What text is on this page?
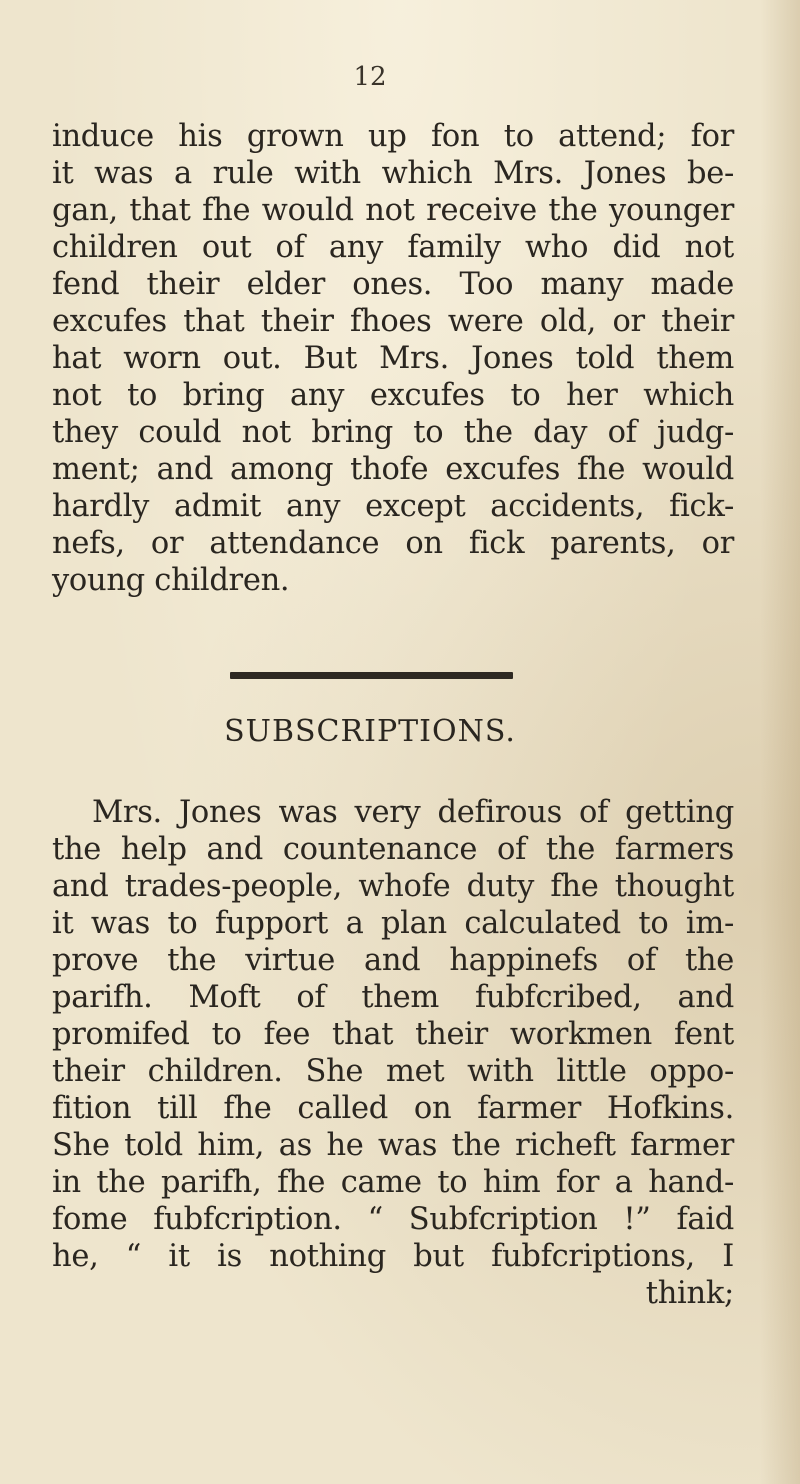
12
induce his grown up fon to attend; for
it was a rule with which Mrs. Jones be-
gan, that fhe would not receive the younger
children out of any family who did not
fend their elder ones. Too many made
excufes that their fhoes were old, or their
hat worn out. But Mrs. Jones told them
not to bring any excufes to her which
they could not bring to the day of judg-
ment; and among thofe excufes fhe would
hardly admit any except accidents, fick-
nefs, or attendance on fick parents, or
young children.
SUBSCRIPTIONS.
Mrs. Jones was very defirous of getting
the help and countenance of the farmers
and trades-people, whofe duty fhe thought
it was to fupport a plan calculated to im-
prove the virtue and happinefs of the
parifh. Moft of them fubfcribed, and
promifed to fee that their workmen fent
their children. She met with little oppo-
fition till fhe called on farmer Hofkins.
She told him, as he was the richeft farmer
in the parifh, fhe came to him for a hand-
fome fubfcription. “ Subfcription !” faid
he, “ it is nothing but fubfcriptions, I
think;
